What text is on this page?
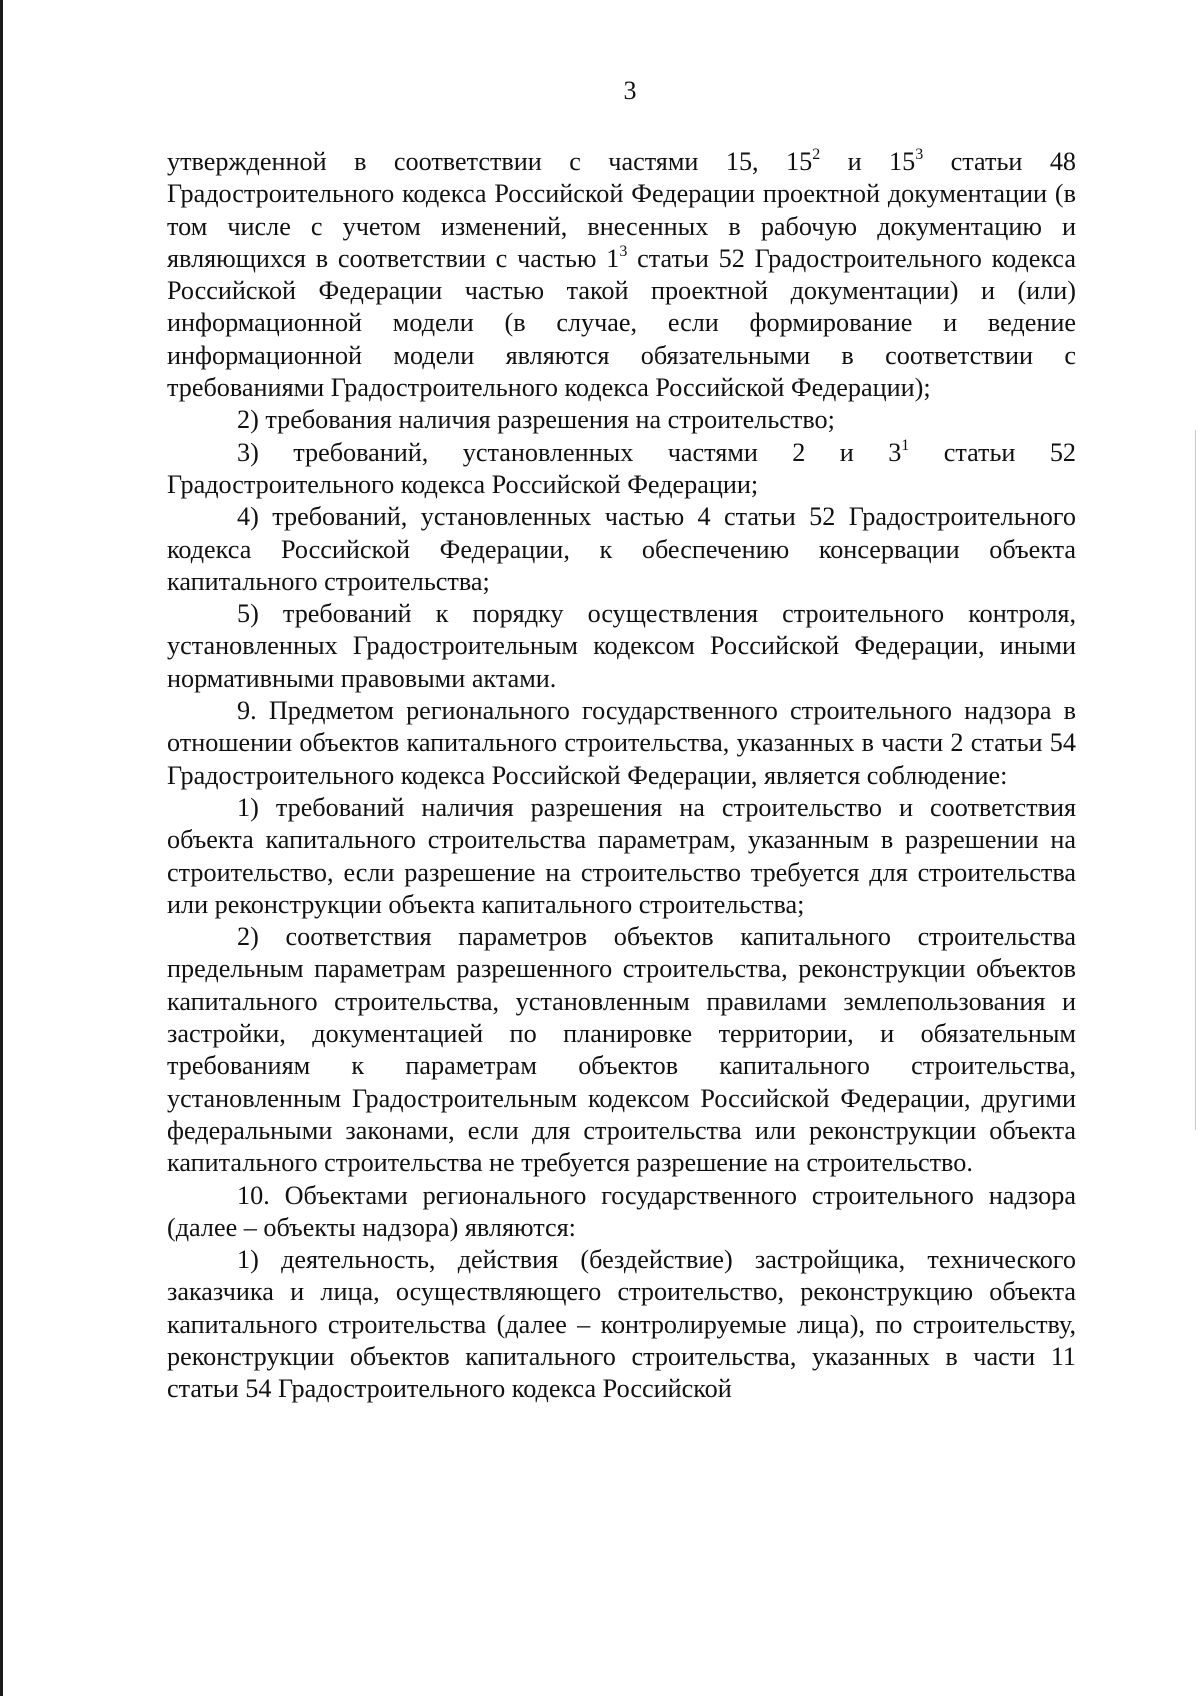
3

утвержденной в соответствии с частями 15, $15^2$ и $15^3$ статьи 48 Градостроительного кодекса Российской Федерации проектной документации (в том числе с учетом изменений, внесенных в рабочую документацию и являющихся в соответствии с частью $1^3$ статьи 52 Градостроительного кодекса Российской Федерации частью такой проектной документации) и (или) информационной модели (в случае, если формирование и ведение информационной модели являются обязательными в соответствии с требованиями Градостроительного кодекса Российской Федерации);

2) требования наличия разрешения на строительство;

3) требований, установленных частями 2 и $3^1$ статьи 52 Градостроительного кодекса Российской Федерации;

4) требований, установленных частью 4 статьи 52 Градостроительного кодекса Российской Федерации, к обеспечению консервации объекта капитального строительства;

5) требований к порядку осуществления строительного контроля, установленных Градостроительным кодексом Российской Федерации, иными нормативными правовыми актами.

9. Предметом регионального государственного строительного надзора в отношении объектов капитального строительства, указанных в части 2 статьи 54 Градостроительного кодекса Российской Федерации, является соблюдение:

1) требований наличия разрешения на строительство и соответствия объекта капитального строительства параметрам, указанным в разрешении на строительство, если разрешение на строительство требуется для строительства или реконструкции объекта капитального строительства;

2) соответствия параметров объектов капитального строительства предельным параметрам разрешенного строительства, реконструкции объектов капитального строительства, установленным правилами землепользования и застройки, документацией по планировке территории, и обязательным требованиям к параметрам объектов капитального строительства, установленным Градостроительным кодексом Российской Федерации, другими федеральными законами, если для строительства или реконструкции объекта капитального строительства не требуется разрешение на строительство.

10. Объектами регионального государственного строительного надзора (далее – объекты надзора) являются:

1) деятельность, действия (бездействие) застройщика, технического заказчика и лица, осуществляющего строительство, реконструкцию объекта капитального строительства (далее – контролируемые лица), по строительству, реконструкции объектов капитального строительства, указанных в части 11 статьи 54 Градостроительного кодекса Российской
